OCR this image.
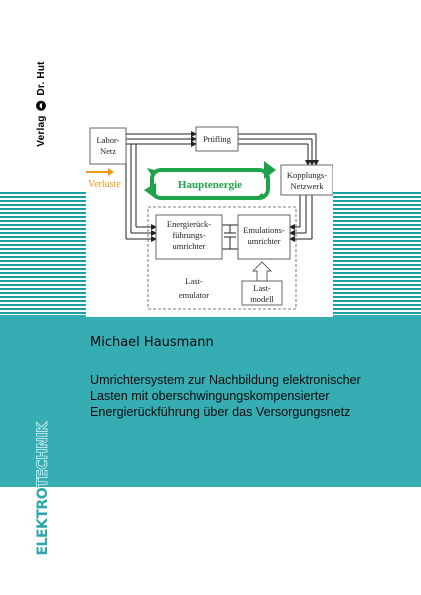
Verlag  Dr. Hut
Labor-
Netz
Prüfling
Kopplungs-
Netzwerk
Energierück-
führungs-
umrichter
Emulations-
umrichter
Last-
modell
Last-
emulator
Verluste	Hauptenergie
Michael Hausmann
Umrichtersystem zur Nachbildung elektronischer
Lasten mit oberschwingungskompensierter
Energierückführung über das Versorgungsnetz
ELEKTROTECHNIK
